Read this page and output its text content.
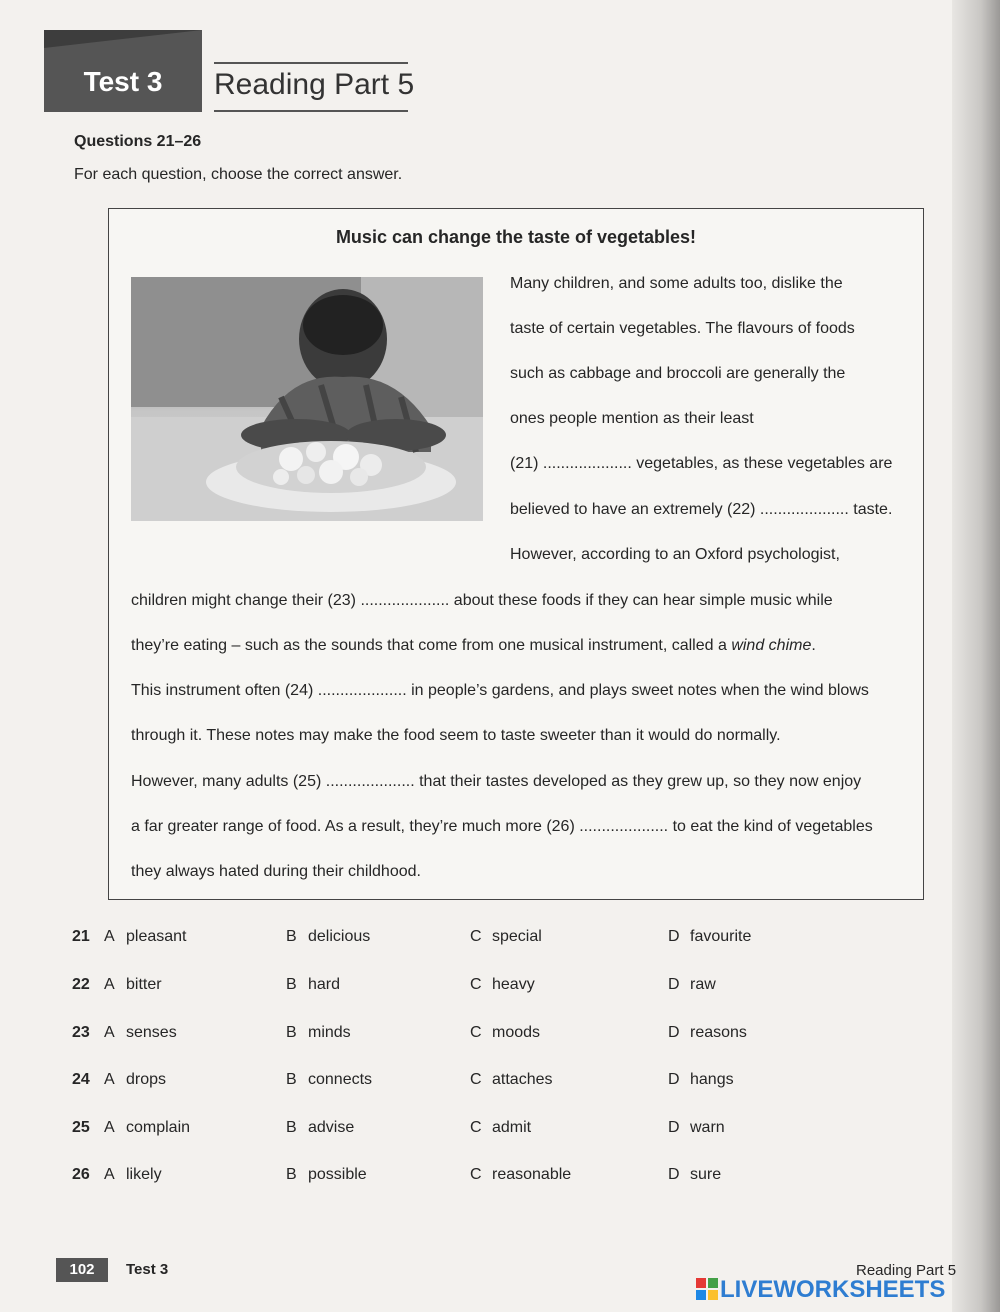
Test 3	Reading Part 5
Questions 21–26
For each question, choose the correct answer.
Music can change the taste of vegetables!
Many children, and some adults too, dislike the
taste of certain vegetables. The flavours of foods
such as cabbage and broccoli are generally the
ones people mention as their least
(21) .................... vegetables, as these vegetables are
believed to have an extremely (22) .................... taste.
However, according to an Oxford psychologist,
children might change their (23) .................... about these foods if they can hear simple music while
they’re eating – such as the sounds that come from one musical instrument, called a wind chime.
This instrument often (24) .................... in people’s gardens, and plays sweet notes when the wind blows
through it. These notes may make the food seem to taste sweeter than it would do normally.
However, many adults (25) .................... that their tastes developed as they grew up, so they now enjoy
a far greater range of food. As a result, they’re much more (26) .................... to eat the kind of vegetables
they always hated during their childhood.
21 A pleasant	B delicious	C special	D favourite
22 A bitter	B hard	C heavy	D raw
23 A senses	B minds	C moods	D reasons
24 A drops	B connects	C attaches	D hangs
25 A complain	B advise	C admit	D warn
26 A likely	B possible	C reasonable	D sure
102	Test 3	Reading Part 5
LIVEWORKSHEETS
